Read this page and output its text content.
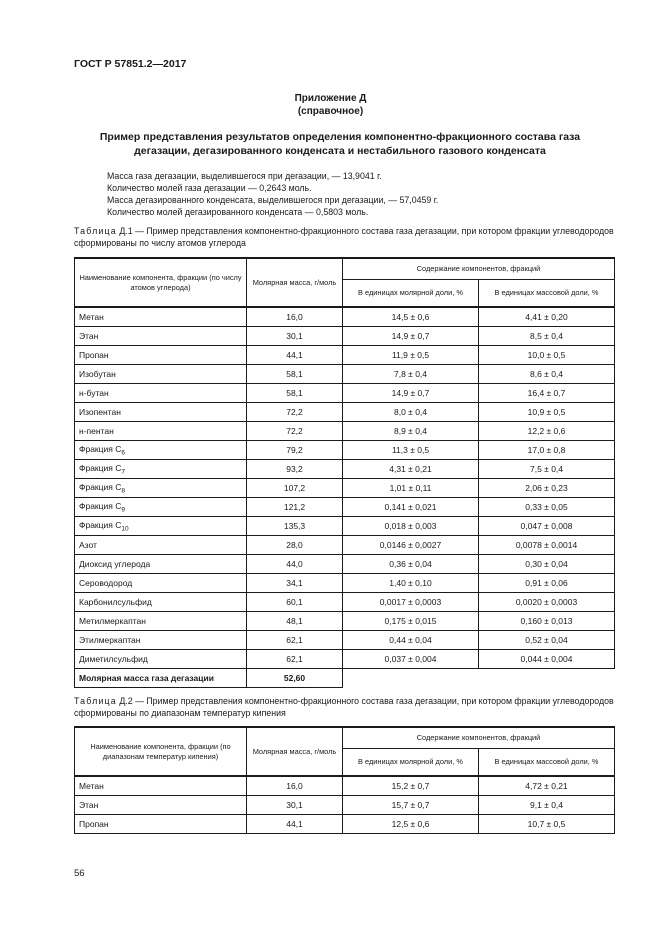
ГОСТ Р 57851.2—2017
Приложение Д
(справочное)
Пример представления результатов определения компонентно-фракционного состава газа
дегазации, дегазированного конденсата и нестабильного газового конденсата
Масса газа дегазации, выделившегося при дегазации, — 13,9041 г.
Количество молей газа дегазации — 0,2643 моль.
Масса дегазированного конденсата, выделившегося при дегазации, — 57,0459 г.
Количество молей дегазированного конденсата — 0,5803 моль.
Таблица Д.1 — Пример представления компонентно-фракционного состава газа дегазации, при котором фракции углеводородов сформированы по числу атомов углерода
Наименование компонента, фракции (по числу атомов углерода)	Молярная масса, г/моль	Содержание компонентов, фракций	
		В единицах молярной доли, %	В единицах массовой доли, %
Метан	16,0	14,5 ± 0,6	4,41 ± 0,20
Этан	30,1	14,9 ± 0,7	8,5 ± 0,4
Пропан	44,1	11,9 ± 0,5	10,0 ± 0,5
Изобутан	58,1	7,8 ± 0,4	8,6 ± 0,4
н-бутан	58,1	14,9 ± 0,7	16,4 ± 0,7
Изопентан	72,2	8,0 ± 0,4	10,9 ± 0,5
н-пентан	72,2	8,9 ± 0,4	12,2 ± 0,6
Фракция $С_6$	79,2	11,3 ± 0,5	17,0 ± 0,8
Фракция $С_7$	93,2	4,31 ± 0,21	7,5 ± 0,4
Фракция $С_8$	107,2	1,01 ± 0,11	2,06 ± 0,23
Фракция $С_9$	121,2	0,141 ± 0,021	0,33 ± 0,05
Фракция $С_{10}$	135,3	0,018 ± 0,003	0,047 ± 0,008
Азот	28,0	0,0146 ± 0,0027	0,0078 ± 0,0014
Диоксид углерода	44,0	0,36 ± 0,04	0,30 ± 0,04
Сероводород	34,1	1,40 ± 0,10	0,91 ± 0,06
Карбонилсульфид	60,1	0,0017 ± 0,0003	0,0020 ± 0,0003
Метилмеркаптан	48,1	0,175 ± 0,015	0,160 ± 0,013
Этилмеркаптан	62,1	0,44 ± 0,04	0,52 ± 0,04
Диметилсульфид	62,1	0,037 ± 0,004	0,044 ± 0,004
Молярная масса газа дегазации	52,60		
Таблица Д.2 — Пример представления компонентно-фракционного состава газа дегазации, при котором фракции углеводородов сформированы по диапазонам температур кипения
Наименование компонента, фракции (по диапазонам температур кипения)	Молярная масса, г/моль	Содержание компонентов, фракций	
		В единицах молярной доли, %	В единицах массовой доли, %
Метан	16,0	15,2 ± 0,7	4,72 ± 0,21
Этан	30,1	15,7 ± 0,7	9,1 ± 0,4
Пропан	44,1	12,5 ± 0,6	10,7 ± 0,5
56
